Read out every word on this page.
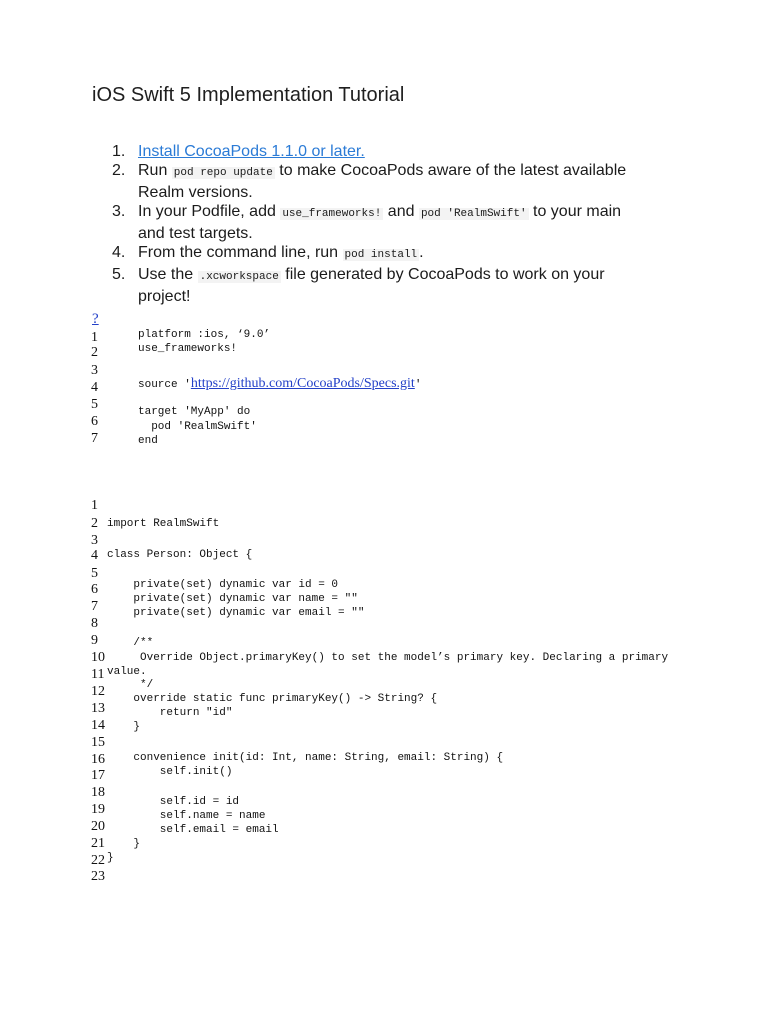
iOS Swift 5 Implementation Tutorial
1. Install CocoaPods 1.1.0 or later.
2. Run pod repo update to make CocoaPods aware of the latest available
Realm versions.
3. In your Podfile, add use_frameworks! and pod 'RealmSwift' to your main
and test targets.
4. From the command line, run pod install .
5. Use the .xcworkspace file generated by CocoaPods to work on your
project!
?
1
2
3
4
5
6
7
platform :ios, ‘9.0’
use_frameworks!
source 'https://github.com/CocoaPods/Specs.git'
target 'MyApp' do
pod 'RealmSwift'
end
1
2
3
4
5
6
7
8
9
10
11
12
13
14
15
16
17
18
19
20
21
22
23
import RealmSwift
class Person: Object {
private(set) dynamic var id = 0
private(set) dynamic var name = ""
private(set) dynamic var email = ""
/**
Override Object.primaryKey() to set the model’s primary key. Declaring a primary
value.
*/
override static func primaryKey() -> String? {
return "id"
}
convenience init(id: Int, name: String, email: String) {
self.init()
self.id = id
self.name = name
self.email = email
}
}
